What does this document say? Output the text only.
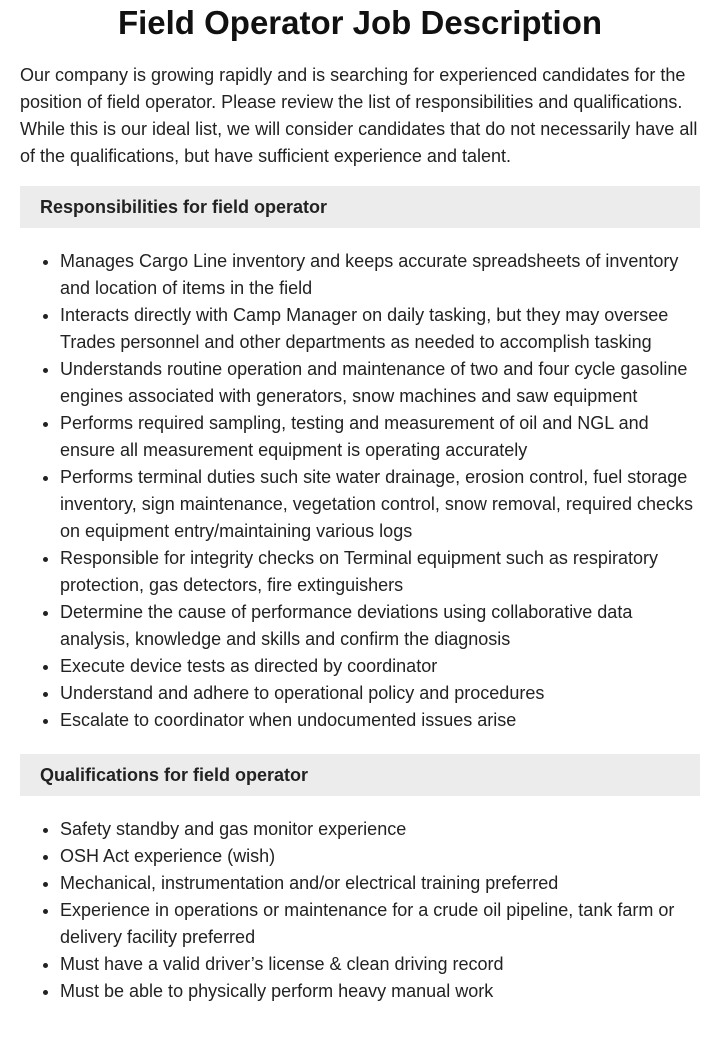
Field Operator Job Description

Our company is growing rapidly and is searching for experienced candidates for the position of field operator. Please review the list of responsibilities and qualifications. While this is our ideal list, we will consider candidates that do not necessarily have all of the qualifications, but have sufficient experience and talent.

Responsibilities for field operator
• Manages Cargo Line inventory and keeps accurate spreadsheets of inventory and location of items in the field
• Interacts directly with Camp Manager on daily tasking, but they may oversee Trades personnel and other departments as needed to accomplish tasking
• Understands routine operation and maintenance of two and four cycle gasoline engines associated with generators, snow machines and saw equipment
• Performs required sampling, testing and measurement of oil and NGL and ensure all measurement equipment is operating accurately
• Performs terminal duties such site water drainage, erosion control, fuel storage inventory, sign maintenance, vegetation control, snow removal, required checks on equipment entry/maintaining various logs
• Responsible for integrity checks on Terminal equipment such as respiratory protection, gas detectors, fire extinguishers
• Determine the cause of performance deviations using collaborative data analysis, knowledge and skills and confirm the diagnosis
• Execute device tests as directed by coordinator
• Understand and adhere to operational policy and procedures
• Escalate to coordinator when undocumented issues arise
Qualifications for field operator
• Safety standby and gas monitor experience
• OSH Act experience (wish)
• Mechanical, instrumentation and/or electrical training preferred
• Experience in operations or maintenance for a crude oil pipeline, tank farm or delivery facility preferred
• Must have a valid driver’s license & clean driving record
• Must be able to physically perform heavy manual work
